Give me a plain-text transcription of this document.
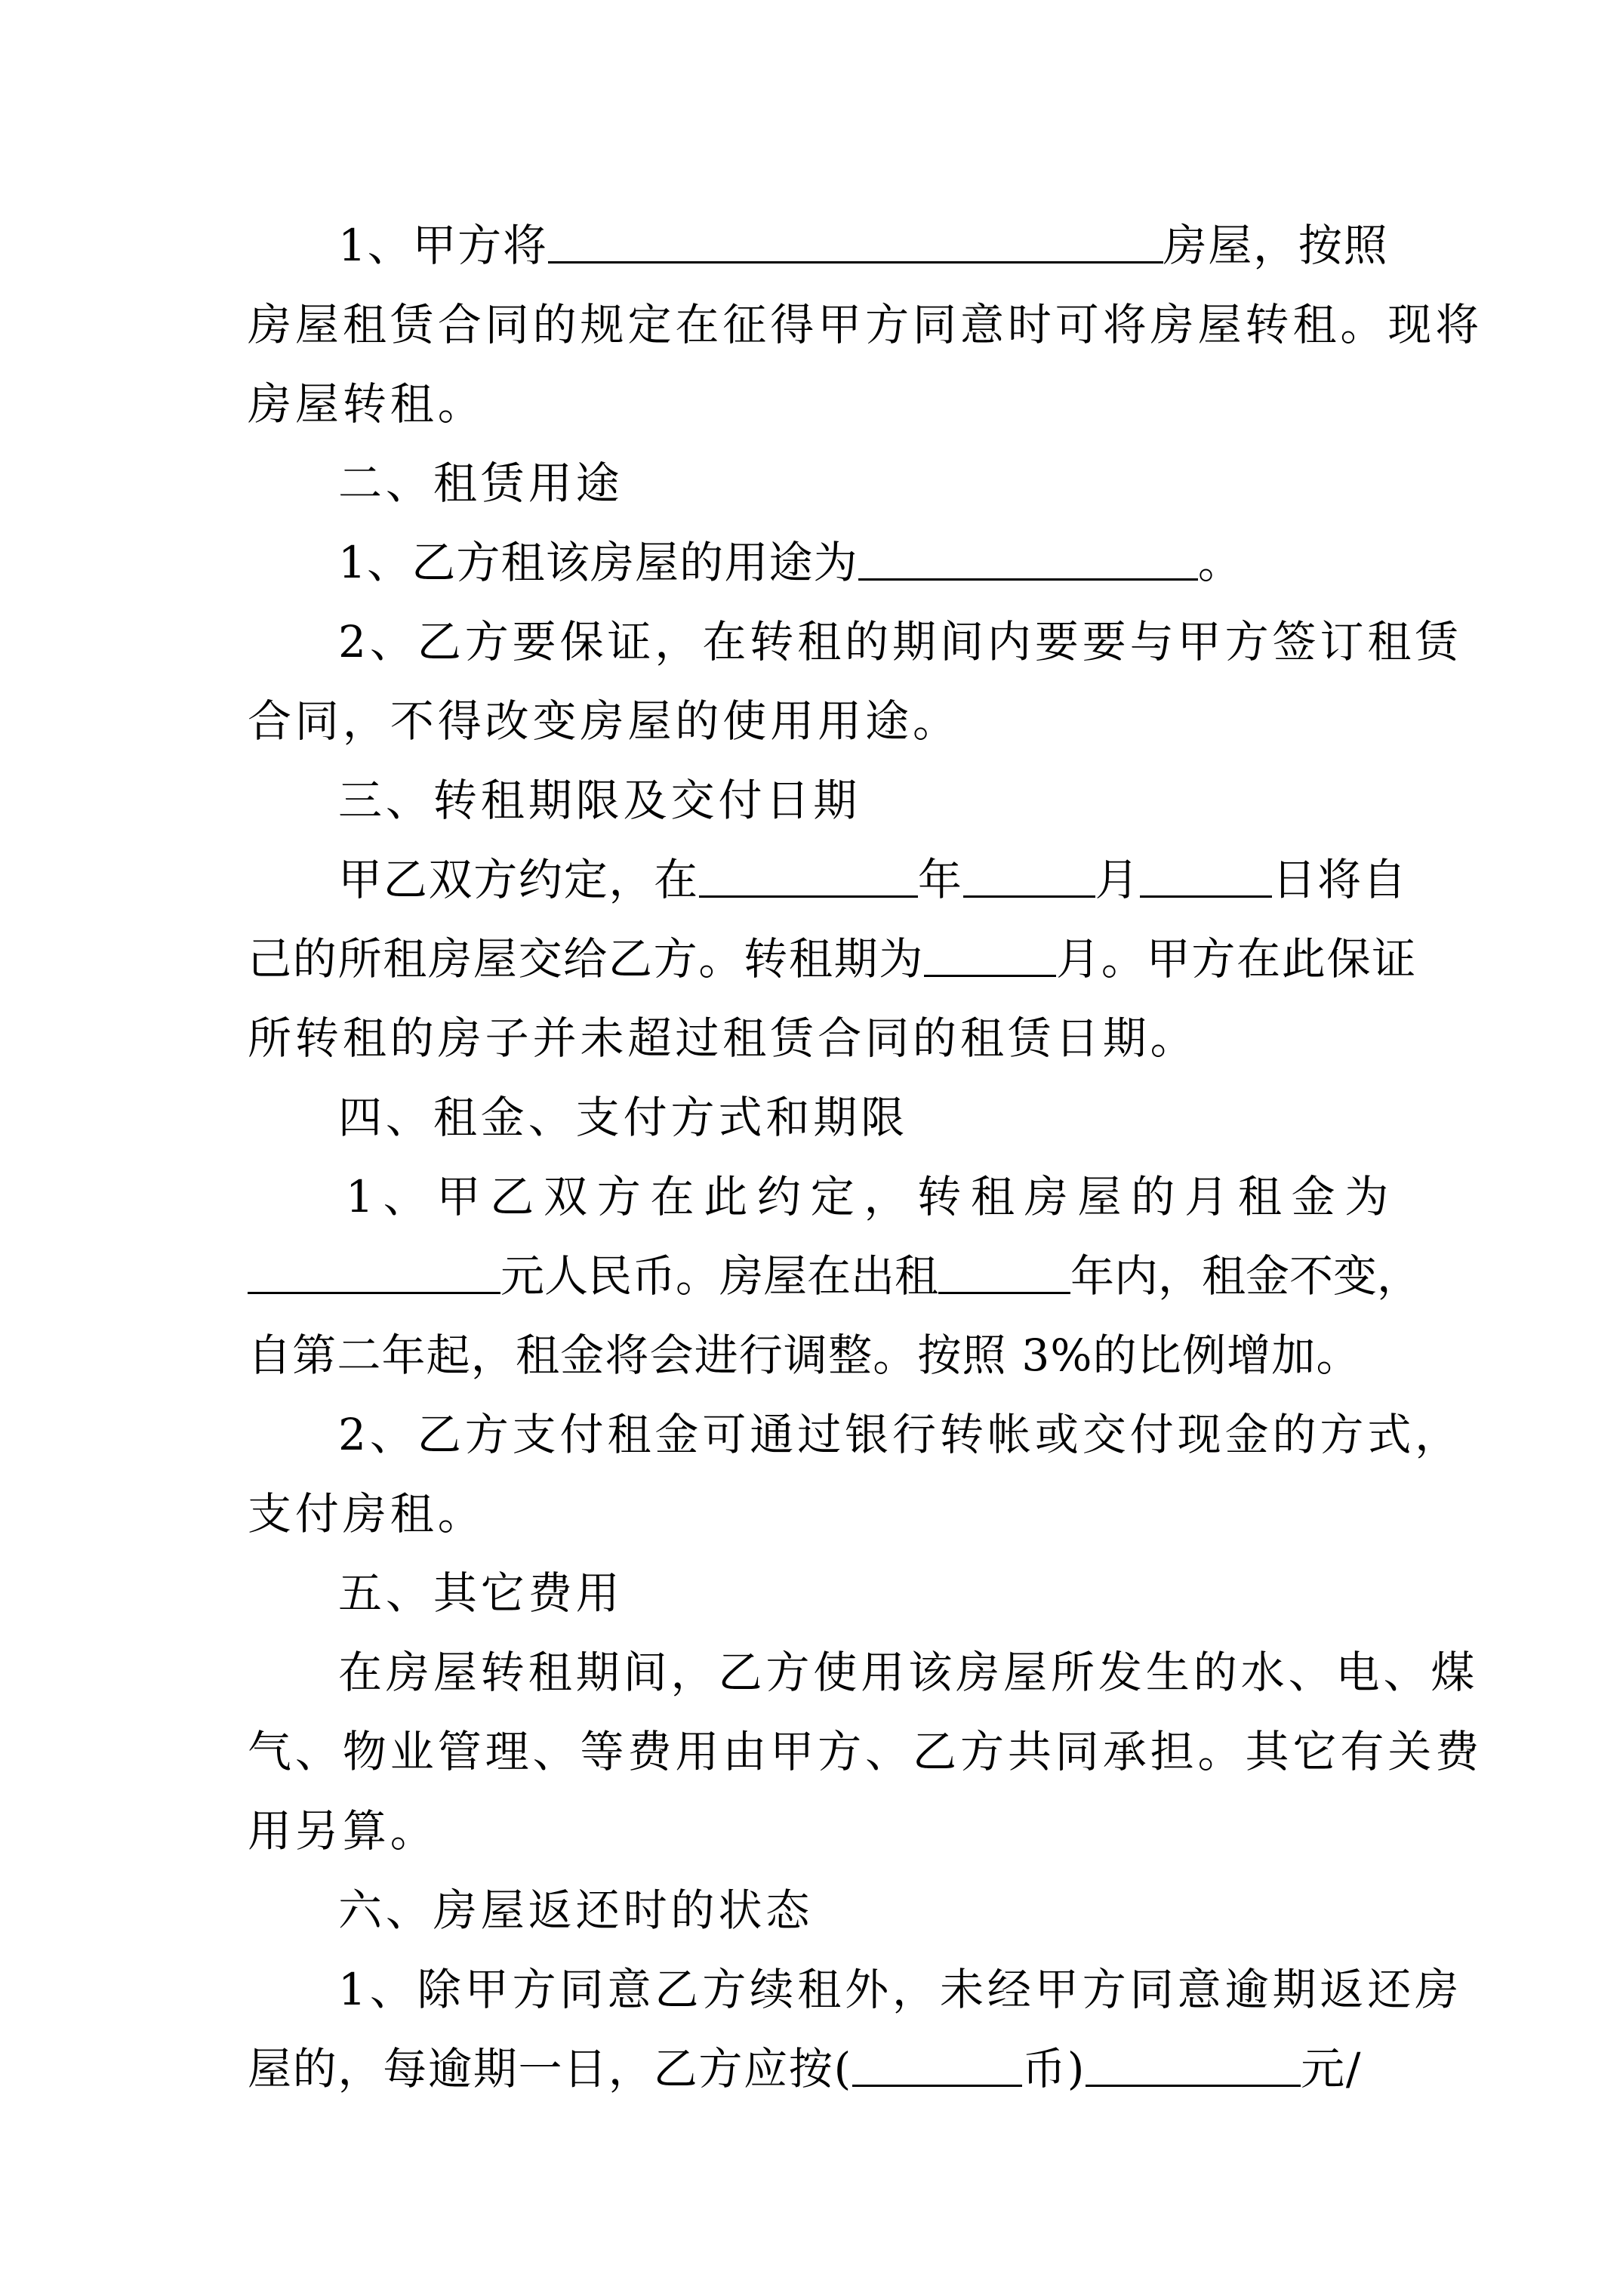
1、甲方将	房屋，按照
房屋租赁合同的规定在征得甲方同意时可将房屋转租。现将
房屋转租。
二、租赁用途
1、乙方租该房屋的用途为	。
2、乙方要保证，在转租的期间内要要与甲方签订租赁
合同，不得改变房屋的使用用途。
三、转租期限及交付日期
甲乙双方约定，在	年	月	日将自
己的所租房屋交给乙方。转租期为	月。甲方在此保证
所转租的房子并未超过租赁合同的租赁日期。
四、租金、支付方式和期限
1、甲乙双方在此约定，转租房屋的月租金为
元人民币。房屋在出租	年内，租金不变，
自第二年起，租金将会进行调整。按照 3%的比例增加。
2、乙方支付租金可通过银行转帐或交付现金的方式，
支付房租。
五、其它费用
在房屋转租期间，乙方使用该房屋所发生的水、电、煤
气、物业管理、等费用由甲方、乙方共同承担。其它有关费
用另算。
六、房屋返还时的状态
1、除甲方同意乙方续租外，未经甲方同意逾期返还房
屋的，每逾期一日，乙方应按(	币)	元/
